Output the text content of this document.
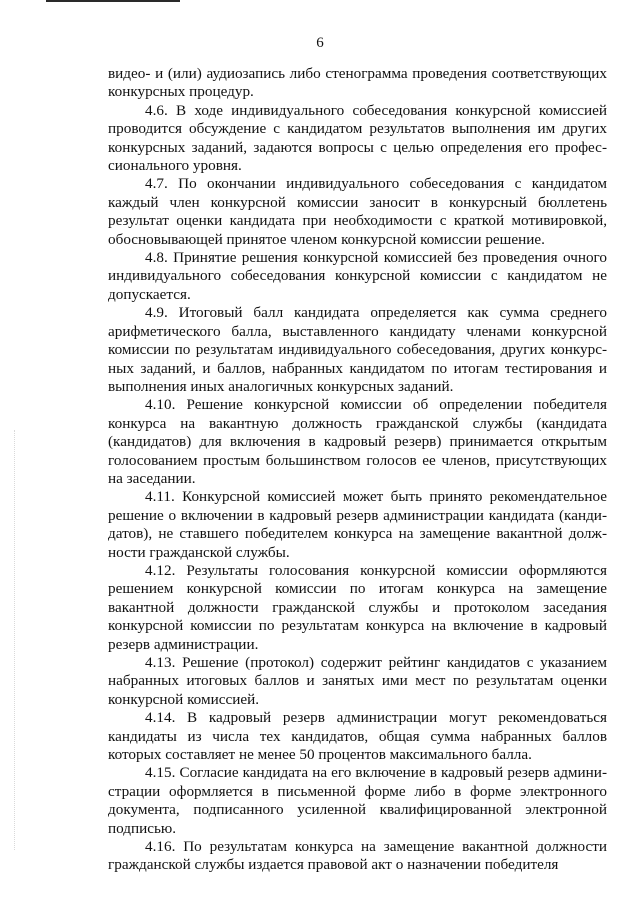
6

видео- и (или) аудиозапись либо стенограмма проведения соответствующих конкурсных процедур.

4.6. В ходе индивидуального собеседования конкурсной комиссией проводится обсуждение с кандидатом результатов выполнения им других конкурсных заданий, задаются вопросы с целью определения его профессионального уровня.

4.7. По окончании индивидуального собеседования с кандидатом каждый член конкурсной комиссии заносит в конкурсный бюллетень результат оценки кандидата при необходимости с краткой мотивировкой, обосновывающей принятое членом конкурсной комиссии решение.

4.8. Принятие решения конкурсной комиссией без проведения очного индивидуального собеседования конкурсной комиссии с кандидатом не допускается.

4.9. Итоговый балл кандидата определяется как сумма среднего арифметического балла, выставленного кандидату членами конкурсной комиссии по результатам индивидуального собеседования, других конкурсных заданий, и баллов, набранных кандидатом по итогам тестирования и выполнения иных аналогичных конкурсных заданий.

4.10. Решение конкурсной комиссии об определении победителя конкурса на вакантную должность гражданской службы (кандидата (кандидатов) для включения в кадровый резерв) принимается открытым голосованием простым большинством голосов ее членов, присутствующих на заседании.

4.11. Конкурсной комиссией может быть принято рекомендательное решение о включении в кадровый резерв администрации кандидата (кандидатов), не ставшего победителем конкурса на замещение вакантной должности гражданской службы.

4.12. Результаты голосования конкурсной комиссии оформляются решением конкурсной комиссии по итогам конкурса на замещение вакантной должности гражданской службы и протоколом заседания конкурсной комиссии по результатам конкурса на включение в кадровый резерв администрации.

4.13. Решение (протокол) содержит рейтинг кандидатов с указанием набранных итоговых баллов и занятых ими мест по результатам оценки конкурсной комиссией.

4.14. В кадровый резерв администрации могут рекомендоваться кандидаты из числа тех кандидатов, общая сумма набранных баллов которых составляет не менее 50 процентов максимального балла.

4.15. Согласие кандидата на его включение в кадровый резерв администрации оформляется в письменной форме либо в форме электронного документа, подписанного усиленной квалифицированной электронной подписью.

4.16. По результатам конкурса на замещение вакантной должности гражданской службы издается правовой акт о назначении победителя
